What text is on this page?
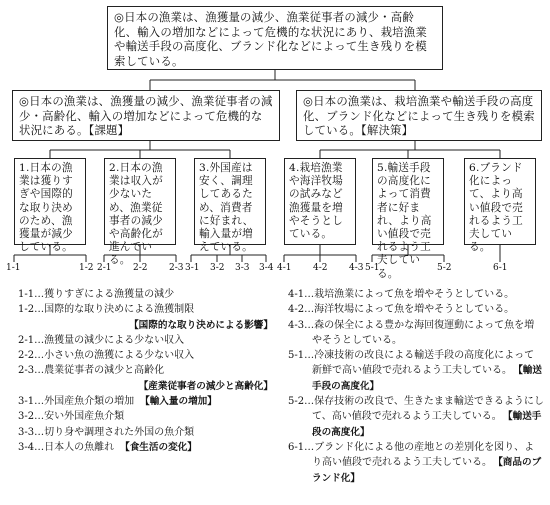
◎日本の漁業は、漁獲量の減少、漁業従事者の減少・高齢化、輸入の増加などによって危機的な状況にあり、栽培漁業や輸送手段の高度化、ブランド化などによって生き残りを模索している。
◎日本の漁業は、漁獲量の減少、漁業従事者の減少・高齢化、輸入の増加などによって危機的な状況にある。【課題】
◎日本の漁業は、栽培漁業や輸送手段の高度化、ブランド化などによって生き残りを模索している。【解決策】
1.日本の漁業は獲りすぎや国際的な取り決めのため、漁獲量が減少している。
2.日本の漁業は収入が少ないため、漁業従事者の減少や高齢化が進んでいる。
3.外国産は安く、調理してあるため、消費者に好まれ、輸入量が増えている。
4.栽培漁業や海洋牧場の試みなど漁獲量を増やそうとしている。
5.輸送手段の高度化によって消費者に好まれ、より高い値段で売れるよう工夫している。
6.ブランド化によって、より高い値段で売れるよう工夫している。
1-1	1-2 2-1 2-2 2-3 3-1 3-2 3-3 3-4 4-1 4-2 4-3 5-1	5-2	6-1
1-1…獲りすぎによる漁獲量の減少
1-2…国際的な取り決めによる漁獲制限
【国際的な取り決めによる影響】
2-1…漁獲量の減少による少ない収入
2-2…小さい魚の漁獲による少ない収入
2-3…農業従事者の減少と高齢化
【産業従事者の減少と高齢化】
3-1…外国産魚介類の増加 【輸入量の増加】
3-2…安い外国産魚介類
3-3…切り身や調理された外国の魚介類
3-4…日本人の魚離れ 【食生活の変化】
4-1…栽培漁業によって魚を増やそうとしている。
4-2…海洋牧場によって魚を増やそうとしている。
4-3…森の保全による豊かな海回復運動によって魚を増やそうとしている。
5-1…冷凍技術の改良による輸送手段の高度化によって新鮮で高い値段で売れるよう工夫している。 【輸送手段の高度化】
5-2…保存技術の改良で、生きたまま輸送できるようにして、高い値段で売れるよう工夫している。 【輸送手段の高度化】
6-1…ブランド化による他の産地との差別化を図り、より高い値段で売れるよう工夫している。 【商品のブランド化】
